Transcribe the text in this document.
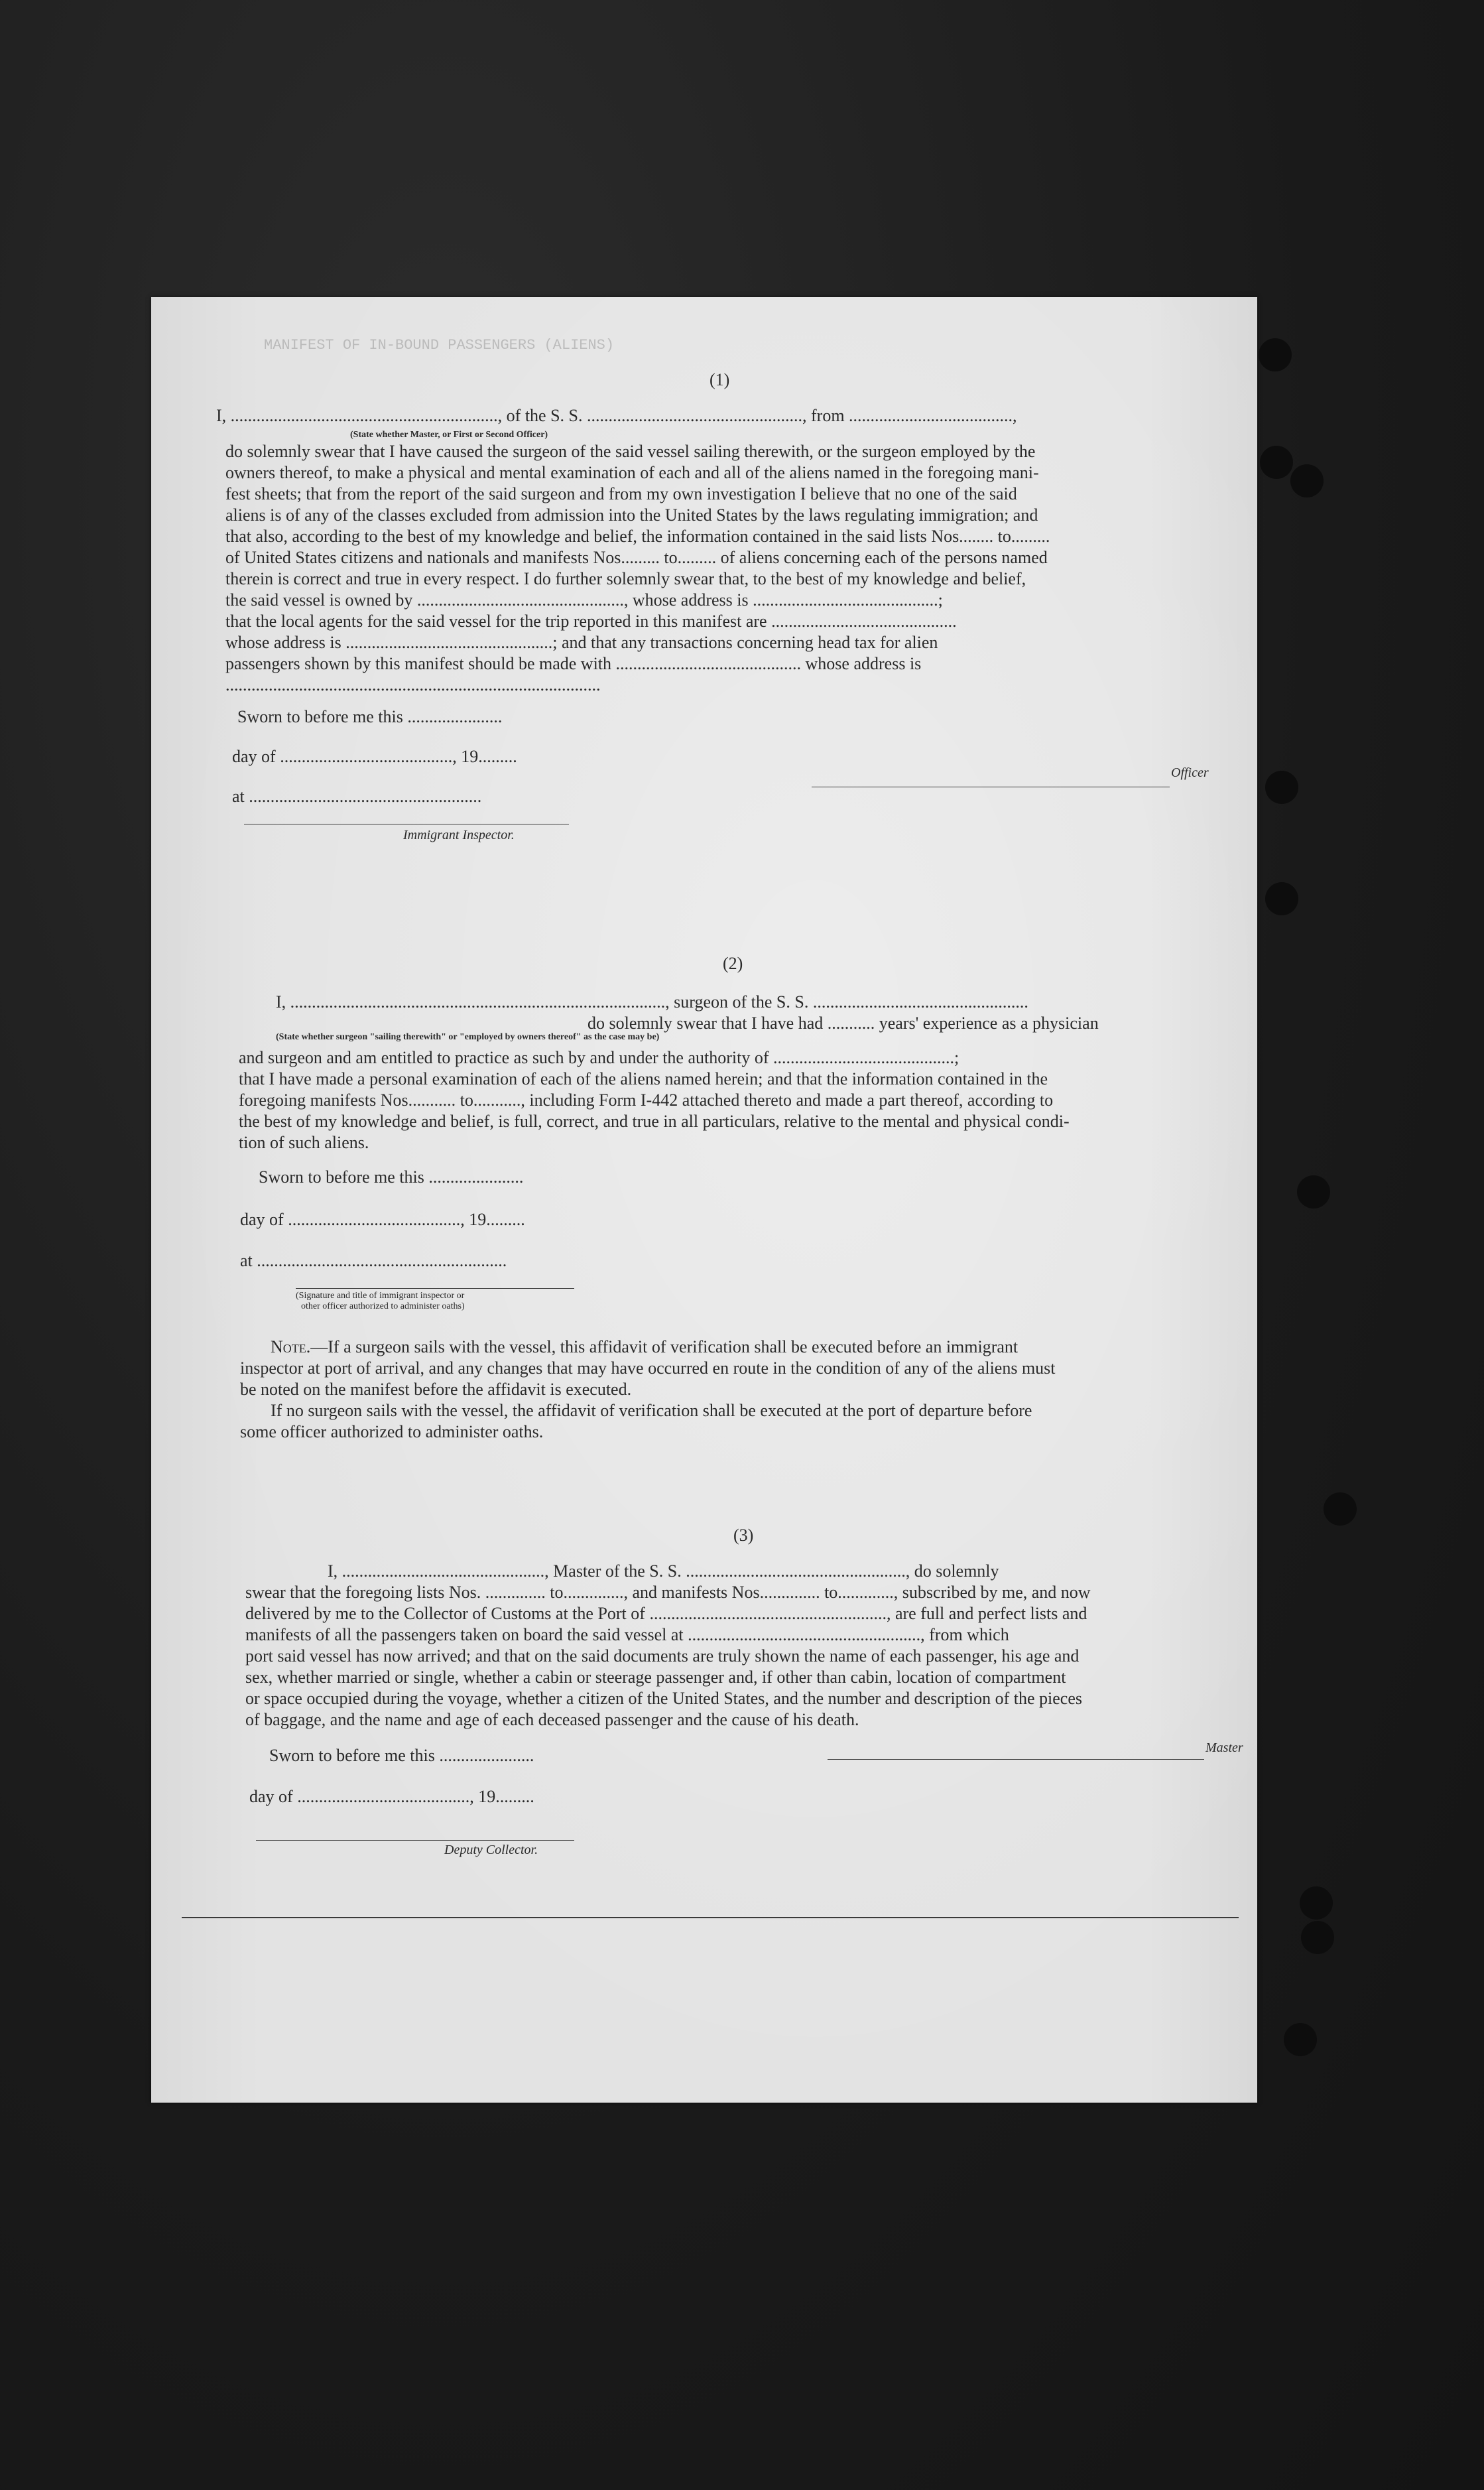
MANIFEST OF IN-BOUND PASSENGERS (ALIENS)

(1)
I, .............................................................., of the S. S. .................................................., from ......................................,
(State whether Master, or First or Second Officer)
do solemnly swear that I have caused the surgeon of the said vessel sailing therewith, or the surgeon employed by the
owners thereof, to make a physical and mental examination of each and all of the aliens named in the foregoing mani-
fest sheets; that from the report of the said surgeon and from my own investigation I believe that no one of the said
aliens is of any of the classes excluded from admission into the United States by the laws regulating immigration; and
that also, according to the best of my knowledge and belief, the information contained in the said lists Nos........ to.........
of United States citizens and nationals and manifests Nos......... to......... of aliens concerning each of the persons named
therein is correct and true in every respect. I do further solemnly swear that, to the best of my knowledge and belief,
the said vessel is owned by ................................................, whose address is ...........................................;
that the local agents for the said vessel for the trip reported in this manifest are ...........................................
whose address is ................................................; and that any transactions concerning head tax for alien
passengers shown by this manifest should be made with ........................................... whose address is
.......................................................................................
Sworn to before me this ......................
day of ........................................, 19.........
at ......................................................
Immigrant Inspector.
Officer
(2)
I, ......................................................................................., surgeon of the S. S. ..................................................
do solemnly swear that I have had ........... years' experience as a physician
(State whether surgeon "sailing therewith" or "employed by owners thereof" as the case may be)
and surgeon and am entitled to practice as such by and under the authority of ..........................................;
that I have made a personal examination of each of the aliens named herein; and that the information contained in the
foregoing manifests Nos........... to..........., including Form I-442 attached thereto and made a part thereof, according to
the best of my knowledge and belief, is full, correct, and true in all particulars, relative to the mental and physical condi-
tion of such aliens.
Sworn to before me this ......................
day of ........................................, 19.........
at ..........................................................
(Signature and title of immigrant inspector or
other officer authorized to administer oaths)
Note.—If a surgeon sails with the vessel, this affidavit of verification shall be executed before an immigrant
inspector at port of arrival, and any changes that may have occurred en route in the condition of any of the aliens must
be noted on the manifest before the affidavit is executed.
If no surgeon sails with the vessel, the affidavit of verification shall be executed at the port of departure before
some officer authorized to administer oaths.
(3)
I, ..............................................., Master of the S. S. ..................................................., do solemnly
swear that the foregoing lists Nos. .............. to.............., and manifests Nos.............. to............., subscribed by me, and now
delivered by me to the Collector of Customs at the Port of ......................................................., are full and perfect lists and
manifests of all the passengers taken on board the said vessel at ......................................................, from which
port said vessel has now arrived; and that on the said documents are truly shown the name of each passenger, his age and
sex, whether married or single, whether a cabin or steerage passenger and, if other than cabin, location of compartment
or space occupied during the voyage, whether a citizen of the United States, and the number and description of the pieces
of baggage, and the name and age of each deceased passenger and the cause of his death.
Sworn to before me this ......................
day of ........................................, 19.........
Deputy Collector.
Master
